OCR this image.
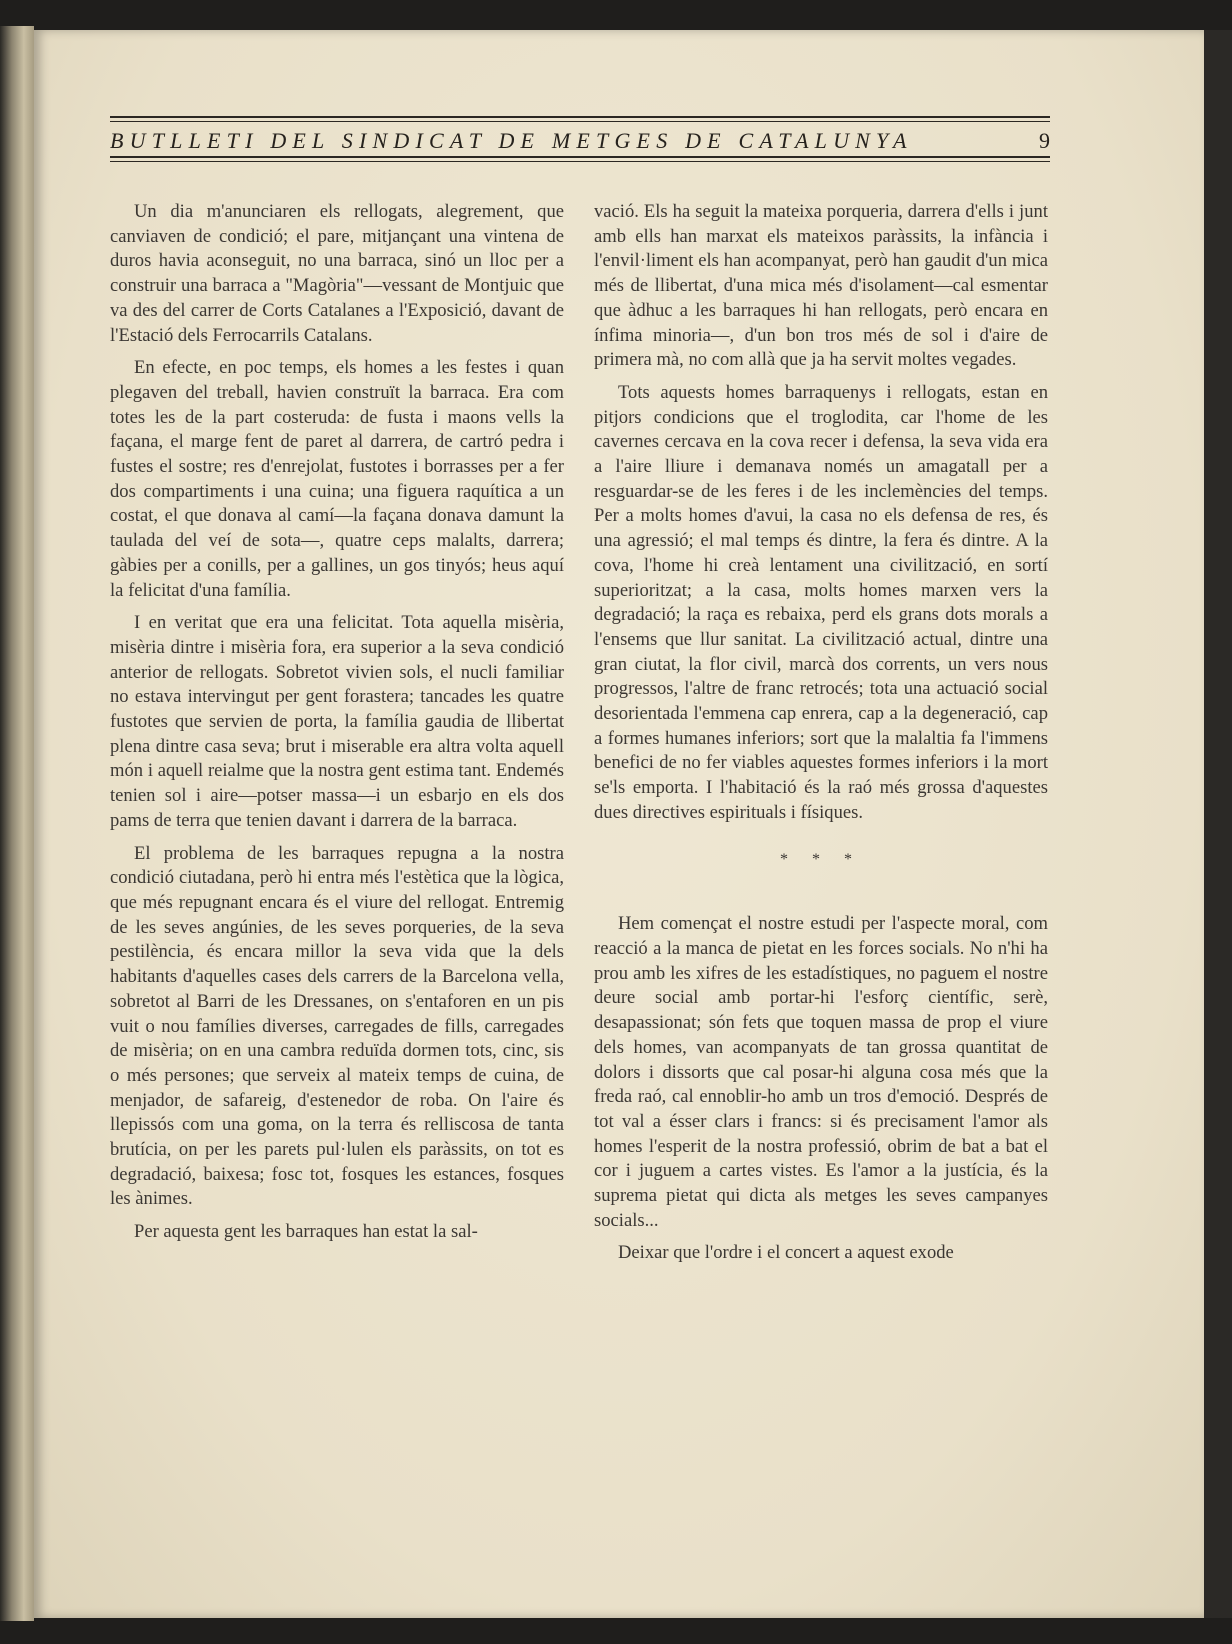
BUTLLETI DEL SINDICAT DE METGES DE CATALUNYA	9

Un dia m'anunciaren els rellogats, alegrement, que canviaven de condició; el pare, mitjançant una vintena de duros havia aconseguit, no una barraca, sinó un lloc per a construir una barraca a "Magòria"—vessant de Montjuic que va des del carrer de Corts Catalanes a l'Exposició, davant de l'Estació dels Ferrocarrils Catalans.

En efecte, en poc temps, els homes a les festes i quan plegaven del treball, havien construït la barraca. Era com totes les de la part costeruda: de fusta i maons vells la façana, el marge fent de paret al darrera, de cartró pedra i fustes el sostre; res d'enrejolat, fustotes i borrasses per a fer dos compartiments i una cuina; una figuera raquítica a un costat, el que donava al camí—la façana donava damunt la taulada del veí de sota—, quatre ceps malalts, darrera; gàbies per a conills, per a gallines, un gos tinyós; heus aquí la felicitat d'una família.

I en veritat que era una felicitat. Tota aquella misèria, misèria dintre i misèria fora, era superior a la seva condició anterior de rellogats. Sobretot vivien sols, el nucli familiar no estava intervingut per gent forastera; tancades les quatre fustotes que servien de porta, la família gaudia de llibertat plena dintre casa seva; brut i miserable era altra volta aquell món i aquell reialme que la nostra gent estima tant. Endemés tenien sol i aire—potser massa—i un esbarjo en els dos pams de terra que tenien davant i darrera de la barraca.

El problema de les barraques repugna a la nostra condició ciutadana, però hi entra més l'estètica que la lògica, que més repugnant encara és el viure del rellogat. Entremig de les seves angúnies, de les seves porqueries, de la seva pestilència, és encara millor la seva vida que la dels habitants d'aquelles cases dels carrers de la Barcelona vella, sobretot al Barri de les Dressanes, on s'entaforen en un pis vuit o nou famílies diverses, carregades de fills, carregades de misèria; on en una cambra reduïda dormen tots, cinc, sis o més persones; que serveix al mateix temps de cuina, de menjador, de safareig, d'estenedor de roba. On l'aire és llepissós com una goma, on la terra és relliscosa de tanta brutícia, on per les parets pul·lulen els paràssits, on tot es degradació, baixesa; fosc tot, fosques les estances, fosques les ànimes.

Per aquesta gent les barraques han estat la sal-

vació. Els ha seguit la mateixa porqueria, darrera d'ells i junt amb ells han marxat els mateixos paràssits, la infància i l'envil·liment els han acompanyat, però han gaudit d'un mica més de llibertat, d'una mica més d'isolament—cal esmentar que àdhuc a les barraques hi han rellogats, però encara en ínfima minoria—, d'un bon tros més de sol i d'aire de primera mà, no com allà que ja ha servit moltes vegades.

Tots aquests homes barraquenys i rellogats, estan en pitjors condicions que el troglodita, car l'home de les cavernes cercava en la cova recer i defensa, la seva vida era a l'aire lliure i demanava només un amagatall per a resguardar-se de les feres i de les inclemències del temps. Per a molts homes d'avui, la casa no els defensa de res, és una agressió; el mal temps és dintre, la fera és dintre. A la cova, l'home hi creà lentament una civilització, en sortí superioritzat; a la casa, molts homes marxen vers la degradació; la raça es rebaixa, perd els grans dots morals a l'ensems que llur sanitat. La civilització actual, dintre una gran ciutat, la flor civil, marcà dos corrents, un vers nous progressos, l'altre de franc retrocés; tota una actuació social desorientada l'emmena cap enrera, cap a la degeneració, cap a formes humanes inferiors; sort que la malaltia fa l'immens benefici de no fer viables aquestes formes inferiors i la mort se'ls emporta. I l'habitació és la raó més grossa d'aquestes dues directives espirituals i físiques.

* * *

Hem començat el nostre estudi per l'aspecte moral, com reacció a la manca de pietat en les forces socials. No n'hi ha prou amb les xifres de les estadístiques, no paguem el nostre deure social amb portar-hi l'esforç científic, serè, desapassionat; són fets que toquen massa de prop el viure dels homes, van acompanyats de tan grossa quantitat de dolors i dissorts que cal posar-hi alguna cosa més que la freda raó, cal ennoblir-ho amb un tros d'emoció. Després de tot val a ésser clars i francs: si és precisament l'amor als homes l'esperit de la nostra professió, obrim de bat a bat el cor i juguem a cartes vistes. Es l'amor a la justícia, és la suprema pietat qui dicta als metges les seves campanyes socials...

Deixar que l'ordre i el concert a aquest exode
